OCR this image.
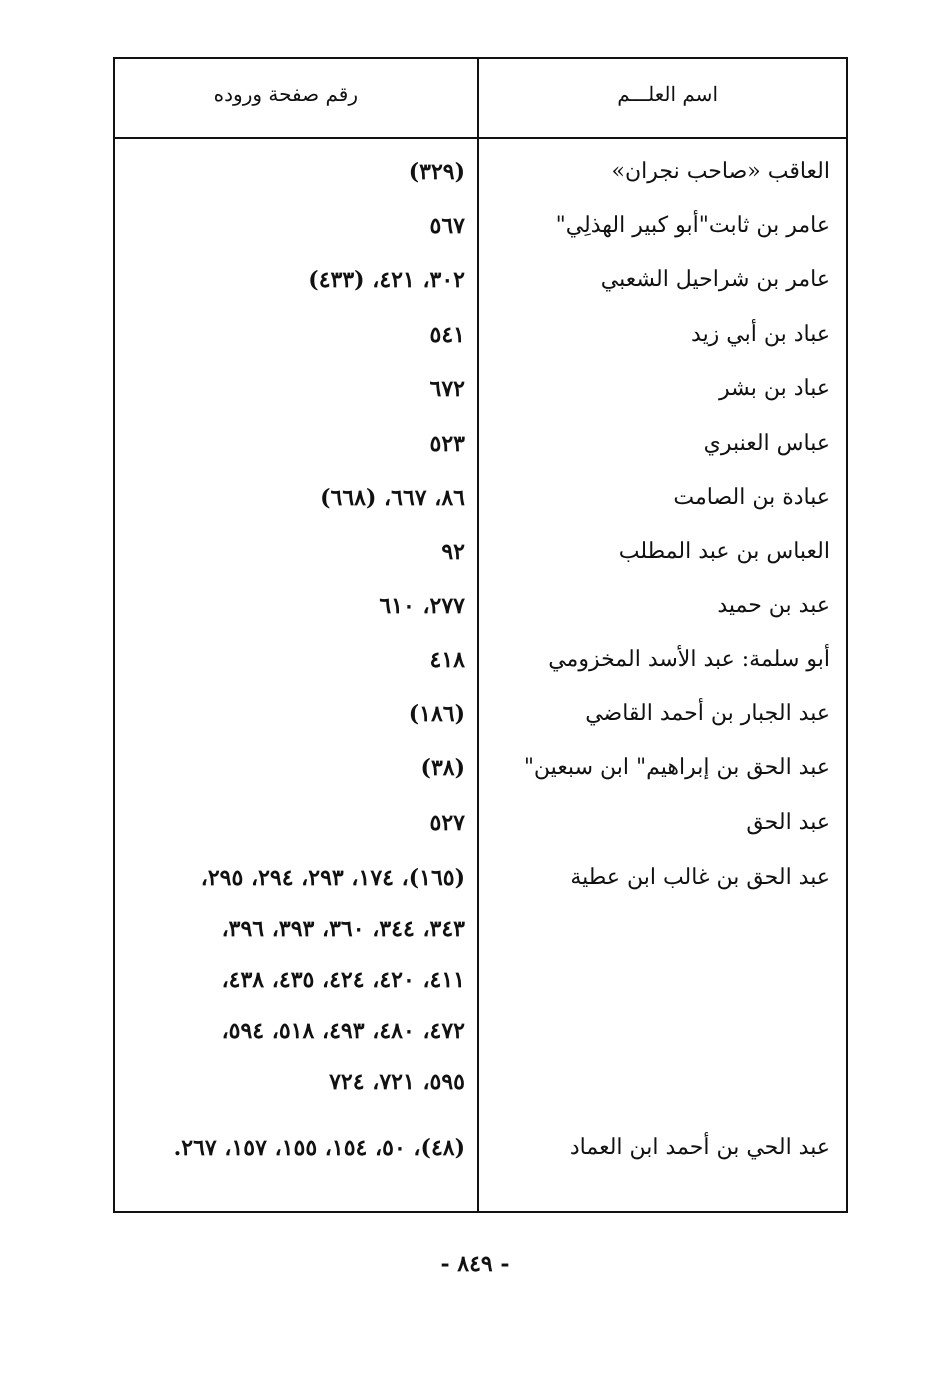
اسم العلـــم
رقم صفحة وروده
العاقب «صاحب نجران»
(٣٢٩)
عامر بن ثابت"أبو كبير الهذلِي"
٥٦٧
عامر بن شراحيل الشعبي
٣٠٢، ٤٢١، (٤٣٣)
عباد بن أبي زيد
٥٤١
عباد بن بشر
٦٧٢
عباس العنبري
٥٢٣
عبادة بن الصامت
٨٦، ٦٦٧، (٦٦٨)
العباس بن عبد المطلب
٩٢
عبد بن حميد
٢٧٧، ٦١٠
أبو سلمة: عبد الأسد المخزومي
٤١٨
عبد الجبار بن أحمد القاضي
(١٨٦)
عبد الحق بن إبراهيم" ابن سبعين"
(٣٨)
عبد الحق
٥٢٧
عبد الحق بن غالب ابن عطية
(١٦٥)، ١٧٤، ٢٩٣، ٢٩٤، ٢٩٥،
٣٤٣، ٣٤٤، ٣٦٠، ٣٩٣، ٣٩٦،
٤١١، ٤٢٠، ٤٢٤، ٤٣٥، ٤٣٨،
٤٧٢، ٤٨٠، ٤٩٣، ٥١٨، ٥٩٤،
٥٩٥، ٧٢١، ٧٢٤
عبد الحي بن أحمد ابن العماد
(٤٨)، ٥٠، ١٥٤، ١٥٥، ١٥٧، ٢٦٧.
- ٨٤٩ -
